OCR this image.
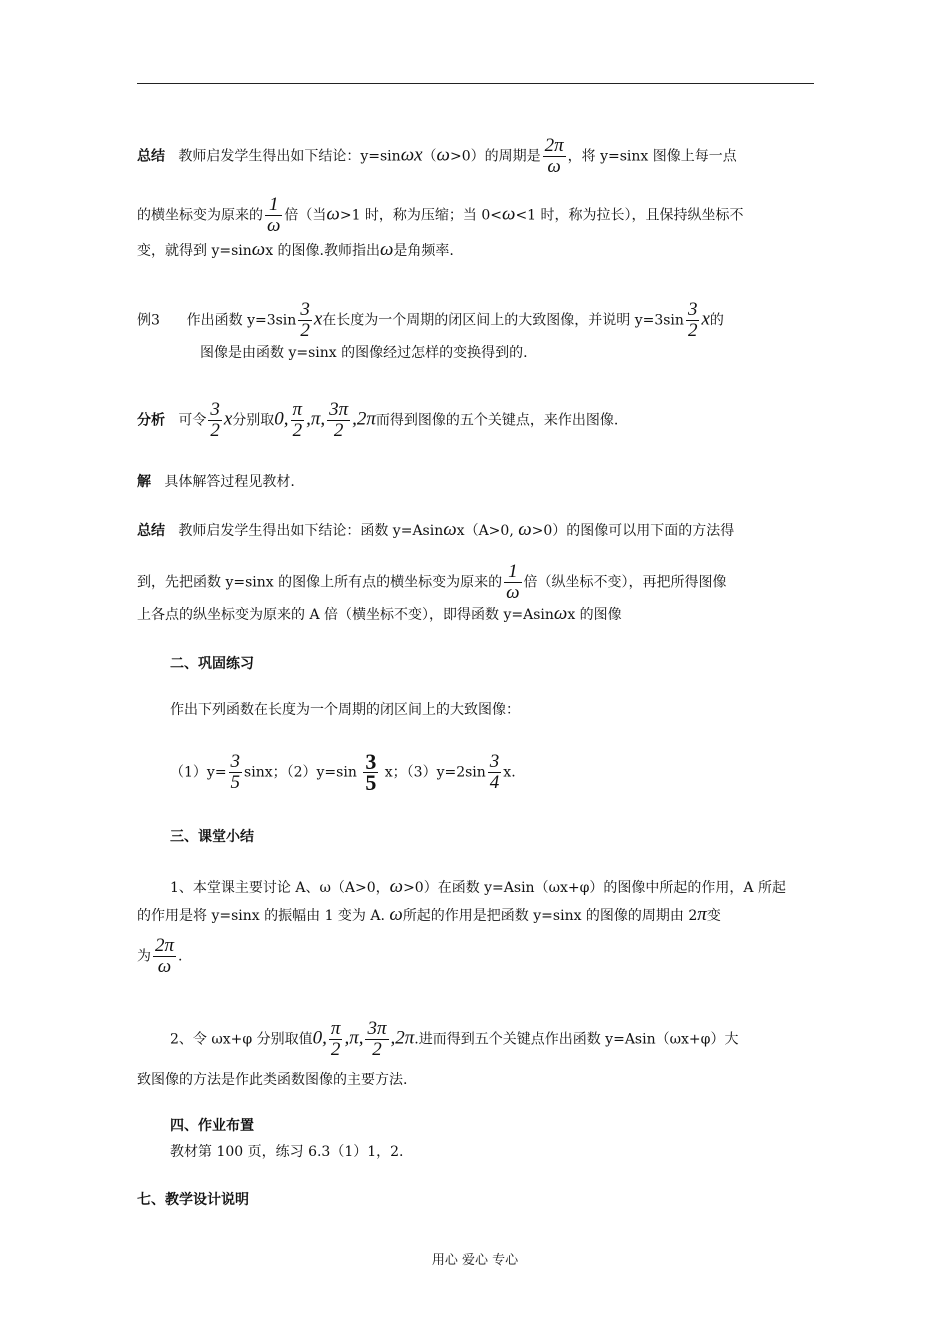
总结 教师启发学生得出如下结论：y=sinωx（ω>0）的周期是 $\frac{2\pi}{\omega}$ ，将 y=sinx 图像上每一点
的横坐标变为原来的 $\frac{1}{\omega}$ 倍（当ω>1 时，称为压缩；当 0<ω<1 时，称为拉长），且保持纵坐标不
变，就得到 y=sinωx 的图像.教师指出ω是角频率.
例3 作出函数 $y=3\sin \frac{3}{2}$ x在长度为一个周期的闭区间上的大致图像，并说明 $y=3\sin \frac{3}{2}$ x的
图像是由函数 y=sinx 的图像经过怎样的变换得到的.
分析 可令 $\frac{3}{2}$ x分别取0, $\frac{\pi}{2} ,\pi$, $\frac{3\pi}{2} ,2\pi$而得到图像的五个关键点，来作出图像.
解 具体解答过程见教材.
总结 教师启发学生得出如下结论：函数 y=Asinωx（A>0, ω>0）的图像可以用下面的方法得
到，先把函数 y=sinx 的图像上所有点的横坐标变为原来的 $\frac{1}{\omega}$ 倍（纵坐标不变），再把所得图像
上各点的纵坐标变为原来的 A 倍（横坐标不变），即得函数 y=Asinωx 的图像
二、巩固练习
作出下列函数在长度为一个周期的闭区间上的大致图像：
$(1)y= \frac{3}{5}$ sinx；$(2)y=\sin \frac{3}{5}$ x；$(3)y=2\sin \frac{3}{4} x$.
三、课堂小结
1、本堂课主要讨论 A、ω（A>0，ω>0）在函数 y=Asin（ωx+φ）的图像中所起的作用，A 所起
的作用是将 y=sinx 的振幅由 1 变为 A. ω所起的作用是把函数 y=sinx 的图像的周期由 2π变
为 $\frac{2\pi}{\omega}$ .
2、令 ωx+φ 分别取值0, $\frac{\pi}{2} ,\pi$, $\frac{3\pi}{2} ,2\pi$.进而得到五个关键点作出函数 y=Asin（ωx+φ）大
致图像的方法是作此类函数图像的主要方法.
四、作业布置
教材第 100 页，练习 6.3（1）1，2.
七、教学设计说明
用心 爱心 专心
